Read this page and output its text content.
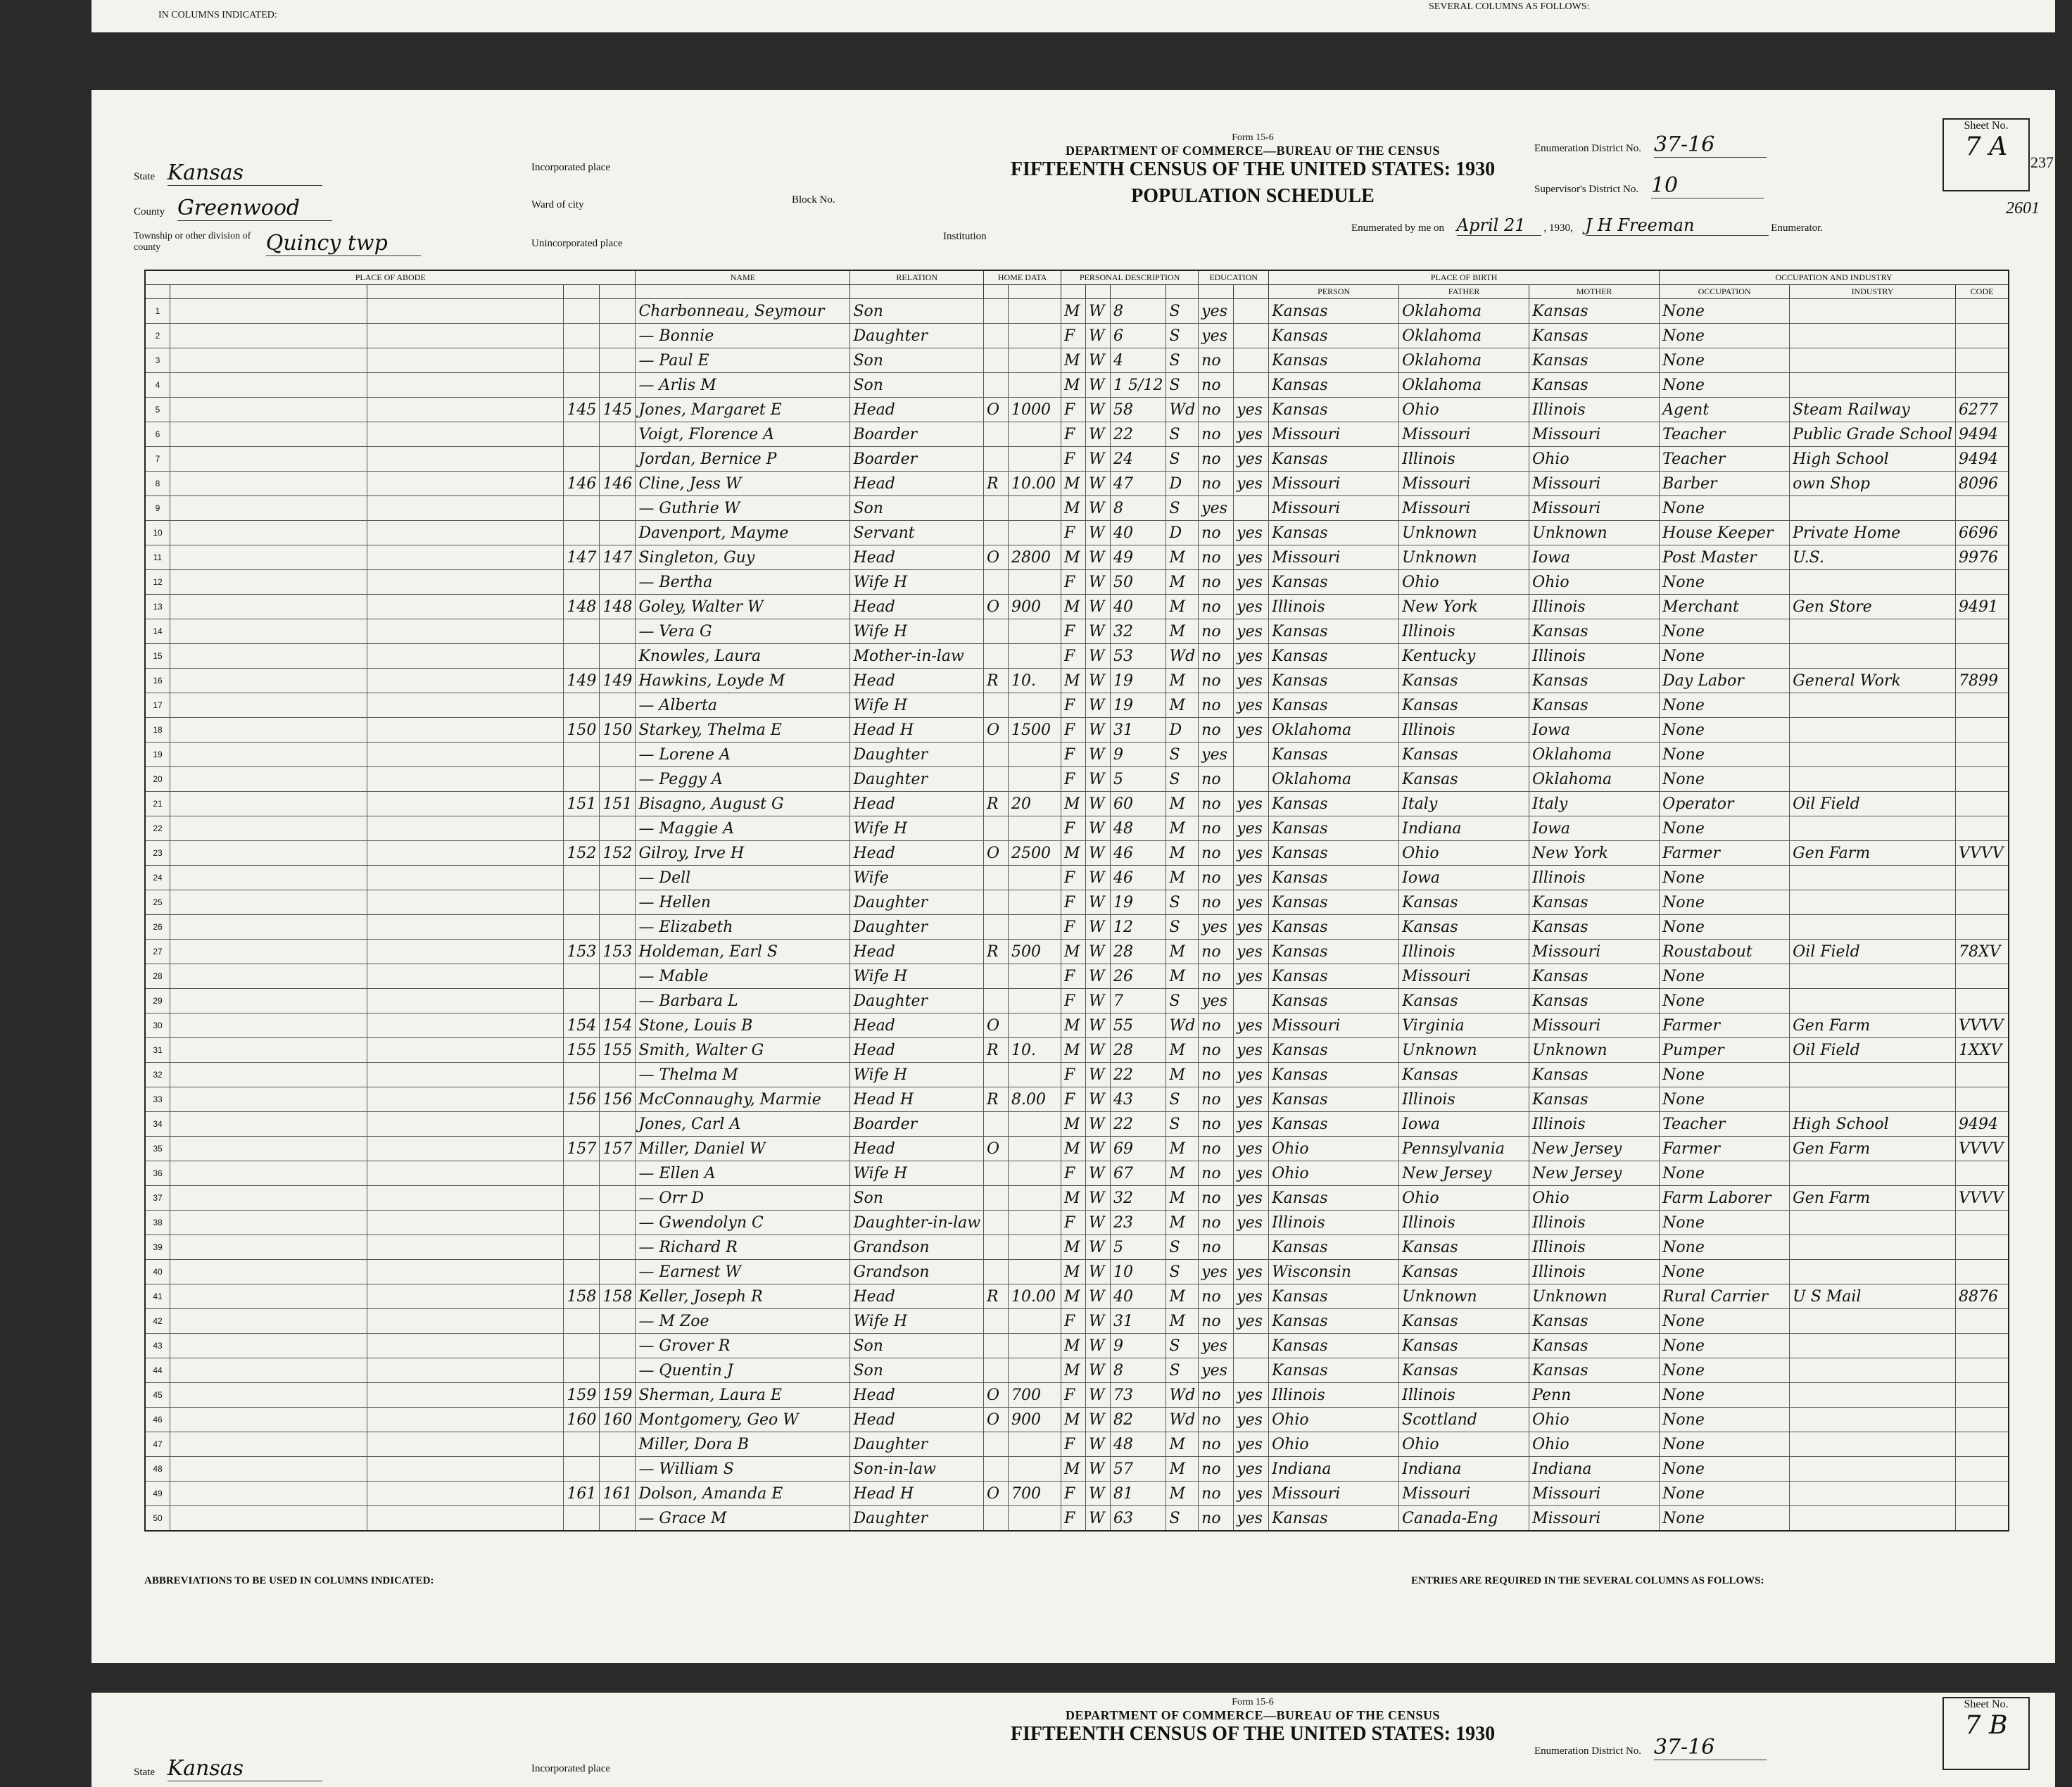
IN COLUMNS INDICATED:
SEVERAL COLUMNS AS FOLLOWS:
Form 15-6
DEPARTMENT OF COMMERCE—BUREAU OF THE CENSUS
FIFTEENTH CENSUS OF THE UNITED STATES: 1930
POPULATION SCHEDULE
State Kansas
County Greenwood
Township or other division of county	Quincy twp
Incorporated place
Ward of city	Block No.
Unincorporated place
Institution
Enumeration District No. 37-16
Supervisor's District No. 10
Enumerated by me on April 21 , 1930, J H Freeman	Enumerator.
Sheet No.
7 A
237
2601
PLACE OF ABODE					NAME	RELATION	HOME DATA		PERSONAL DESCRIPTION				EDUCATION		PLACE OF BIRTH			OCCUPATION AND INDUSTRY		
															PERSON	FATHER	MOTHER	OCCUPATION	INDUSTRY	CODE
1					Charbonneau, Seymour	Son			M	W	8	S	yes		Kansas	Oklahoma	Kansas	None		
2					— Bonnie	Daughter			F	W	6	S	yes		Kansas	Oklahoma	Kansas	None		
3					— Paul E	Son			M	W	4	S	no		Kansas	Oklahoma	Kansas	None		
4					— Arlis M	Son			M	W	1 5/12	S	no		Kansas	Oklahoma	Kansas	None		
5			145	145	Jones, Margaret E	Head	O	1000	F	W	58	Wd	no	yes	Kansas	Ohio	Illinois	Agent	Steam Railway	6277
6					Voigt, Florence A	Boarder			F	W	22	S	no	yes	Missouri	Missouri	Missouri	Teacher	Public Grade School	9494
7					Jordan, Bernice P	Boarder			F	W	24	S	no	yes	Kansas	Illinois	Ohio	Teacher	High School	9494
8			146	146	Cline, Jess W	Head	R	10.00	M	W	47	D	no	yes	Missouri	Missouri	Missouri	Barber	own Shop	8096
9					— Guthrie W	Son			M	W	8	S	yes		Missouri	Missouri	Missouri	None		
10					Davenport, Mayme	Servant			F	W	40	D	no	yes	Kansas	Unknown	Unknown	House Keeper	Private Home	6696
11			147	147	Singleton, Guy	Head	O	2800	M	W	49	M	no	yes	Missouri	Unknown	Iowa	Post Master	U.S.	9976
12					— Bertha	Wife H			F	W	50	M	no	yes	Kansas	Ohio	Ohio	None		
13			148	148	Goley, Walter W	Head	O	900	M	W	40	M	no	yes	Illinois	New York	Illinois	Merchant	Gen Store	9491
14					— Vera G	Wife H			F	W	32	M	no	yes	Kansas	Illinois	Kansas	None		
15					Knowles, Laura	Mother-in-law			F	W	53	Wd	no	yes	Kansas	Kentucky	Illinois	None		
16			149	149	Hawkins, Loyde M	Head	R	10.	M	W	19	M	no	yes	Kansas	Kansas	Kansas	Day Labor	General Work	7899
17					— Alberta	Wife H			F	W	19	M	no	yes	Kansas	Kansas	Kansas	None		
18			150	150	Starkey, Thelma E	Head H	O	1500	F	W	31	D	no	yes	Oklahoma	Illinois	Iowa	None		
19					— Lorene A	Daughter			F	W	9	S	yes		Kansas	Kansas	Oklahoma	None		
20					— Peggy A	Daughter			F	W	5	S	no		Oklahoma	Kansas	Oklahoma	None		
21			151	151	Bisagno, August G	Head	R	20	M	W	60	M	no	yes	Kansas	Italy	Italy	Operator	Oil Field	
22					— Maggie A	Wife H			F	W	48	M	no	yes	Kansas	Indiana	Iowa	None		
23			152	152	Gilroy, Irve H	Head	O	2500	M	W	46	M	no	yes	Kansas	Ohio	New York	Farmer	Gen Farm	VVVV
24					— Dell	Wife			F	W	46	M	no	yes	Kansas	Iowa	Illinois	None		
25					— Hellen	Daughter			F	W	19	S	no	yes	Kansas	Kansas	Kansas	None		
26					— Elizabeth	Daughter			F	W	12	S	yes	yes	Kansas	Kansas	Kansas	None		
27			153	153	Holdeman, Earl S	Head	R	500	M	W	28	M	no	yes	Kansas	Illinois	Missouri	Roustabout	Oil Field	78XV
28					— Mable	Wife H			F	W	26	M	no	yes	Kansas	Missouri	Kansas	None		
29					— Barbara L	Daughter			F	W	7	S	yes		Kansas	Kansas	Kansas	None		
30			154	154	Stone, Louis B	Head	O		M	W	55	Wd	no	yes	Missouri	Virginia	Missouri	Farmer	Gen Farm	VVVV
31			155	155	Smith, Walter G	Head	R	10.	M	W	28	M	no	yes	Kansas	Unknown	Unknown	Pumper	Oil Field	1XXV
32					— Thelma M	Wife H			F	W	22	M	no	yes	Kansas	Kansas	Kansas	None		
33			156	156	McConnaughy, Marmie	Head H	R	8.00	F	W	43	S	no	yes	Kansas	Illinois	Kansas	None		
34					Jones, Carl A	Boarder			M	W	22	S	no	yes	Kansas	Iowa	Illinois	Teacher	High School	9494
35			157	157	Miller, Daniel W	Head	O		M	W	69	M	no	yes	Ohio	Pennsylvania	New Jersey	Farmer	Gen Farm	VVVV
36					— Ellen A	Wife H			F	W	67	M	no	yes	Ohio	New Jersey	New Jersey	None		
37					— Orr D	Son			M	W	32	M	no	yes	Kansas	Ohio	Ohio	Farm Laborer	Gen Farm	VVVV
38					— Gwendolyn C	Daughter-in-law			F	W	23	M	no	yes	Illinois	Illinois	Illinois	None		
39					— Richard R	Grandson			M	W	5	S	no		Kansas	Kansas	Illinois	None		
40					— Earnest W	Grandson			M	W	10	S	yes	yes	Wisconsin	Kansas	Illinois	None		
41			158	158	Keller, Joseph R	Head	R	10.00	M	W	40	M	no	yes	Kansas	Unknown	Unknown	Rural Carrier	U S Mail	8876
42					— M Zoe	Wife H			F	W	31	M	no	yes	Kansas	Kansas	Kansas	None		
43					— Grover R	Son			M	W	9	S	yes		Kansas	Kansas	Kansas	None		
44					— Quentin J	Son			M	W	8	S	yes		Kansas	Kansas	Kansas	None		
45			159	159	Sherman, Laura E	Head	O	700	F	W	73	Wd	no	yes	Illinois	Illinois	Penn	None		
46			160	160	Montgomery, Geo W	Head	O	900	M	W	82	Wd	no	yes	Ohio	Scottland	Ohio	None		
47					Miller, Dora B	Daughter			F	W	48	M	no	yes	Ohio	Ohio	Ohio	None		
48					— William S	Son-in-law			M	W	57	M	no	yes	Indiana	Indiana	Indiana	None		
49			161	161	Dolson, Amanda E	Head H	O	700	F	W	81	M	no	yes	Missouri	Missouri	Missouri	None		
50					— Grace M	Daughter			F	W	63	S	no	yes	Kansas	Canada-Eng	Missouri	None		
ABBREVIATIONS TO BE USED IN COLUMNS INDICATED:	ENTRIES ARE REQUIRED IN THE SEVERAL COLUMNS AS FOLLOWS:
Form 15-6
DEPARTMENT OF COMMERCE—BUREAU OF THE CENSUS
FIFTEENTH CENSUS OF THE UNITED STATES: 1930
State Kansas	Incorporated place
Enumeration District No. 37-16
Sheet No.
7 B
